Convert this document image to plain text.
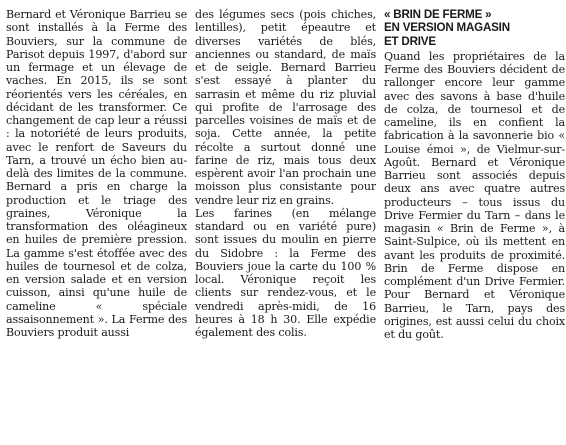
Bernard et Véronique Barrieu se sont installés à la Ferme des Bouviers, sur la commune de Parisot depuis 1997, d'abord sur un fermage et un élevage de vaches. En 2015, ils se sont réorientés vers les céréales, en décidant de les transformer. Ce changement de cap leur a réussi : la notoriété de leurs produits, avec le renfort de Saveurs du Tarn, a trouvé un écho bien au-delà des limites de la commune. Bernard a pris en charge la production et le triage des graines, Véronique la transformation des oléagineux en huiles de première pression. La gamme s'est étoffée avec des huiles de tournesol et de colza, en version salade et en version cuisson, ainsi qu'une huile de cameline « spéciale assaisonnement ». La Ferme des Bouviers produit aussi

des légumes secs (pois chiches, lentilles), petit épeautre et diverses variétés de blés, anciennes ou standard, de maïs et de seigle. Bernard Barrieu s'est essayé à planter du sarrasin et même du riz pluvial qui profite de l'arrosage des parcelles voisines de maïs et de soja. Cette année, la petite récolte a surtout donné une farine de riz, mais tous deux espèrent avoir l'an prochain une moisson plus consistante pour vendre leur riz en grains.

Les farines (en mélange standard ou en variété pure) sont issues du moulin en pierre du Sidobre : la Ferme des Bouviers joue la carte du 100 % local. Véronique reçoit les clients sur rendez-vous, et le vendredi après-midi, de 16 heures à 18 h 30. Elle expédie également des colis.

« BRIN DE FERME »
EN VERSION MAGASIN
ET DRIVE

Quand les propriétaires de la Ferme des Bouviers décident de rallonger encore leur gamme avec des savons à base d'huile de colza, de tournesol et de cameline, ils en confient la fabrication à la savonnerie bio « Louise émoi », de Vielmur-sur-Agoût. Bernard et Véronique Barrieu sont associés depuis deux ans avec quatre autres producteurs – tous issus du Drive Fermier du Tarn – dans le magasin « Brin de Ferme », à Saint-Sulpice, où ils mettent en avant les produits de proximité. Brin de Ferme dispose en complément d'un Drive Fermier. Pour Bernard et Véronique Barrieu, le Tarn, pays des origines, est aussi celui du choix et du goût.
